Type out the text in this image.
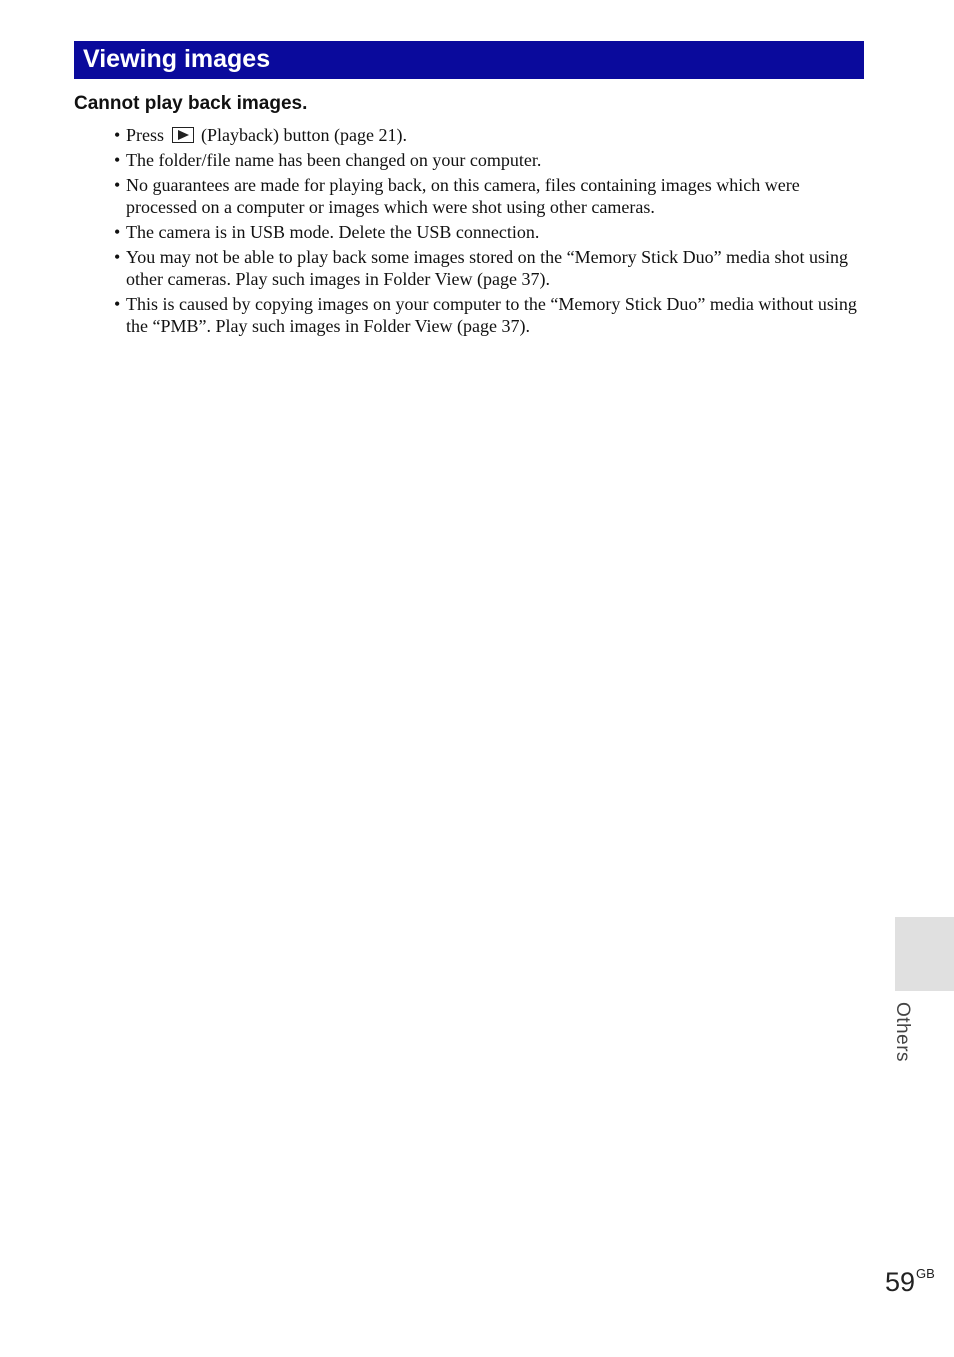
Viewing images
Cannot play back images.
• Press (Playback) button (page 21).
• The folder/file name has been changed on your computer.
• No guarantees are made for playing back, on this camera, files containing images which were processed on a computer or images which were shot using other cameras.
• The camera is in USB mode. Delete the USB connection.
• You may not be able to play back some images stored on the “Memory Stick Duo” media shot using other cameras. Play such images in Folder View (page 37).
• This is caused by copying images on your computer to the “Memory Stick Duo” media without using the “PMB”. Play such images in Folder View (page 37).
Others
$59^{GB}$
